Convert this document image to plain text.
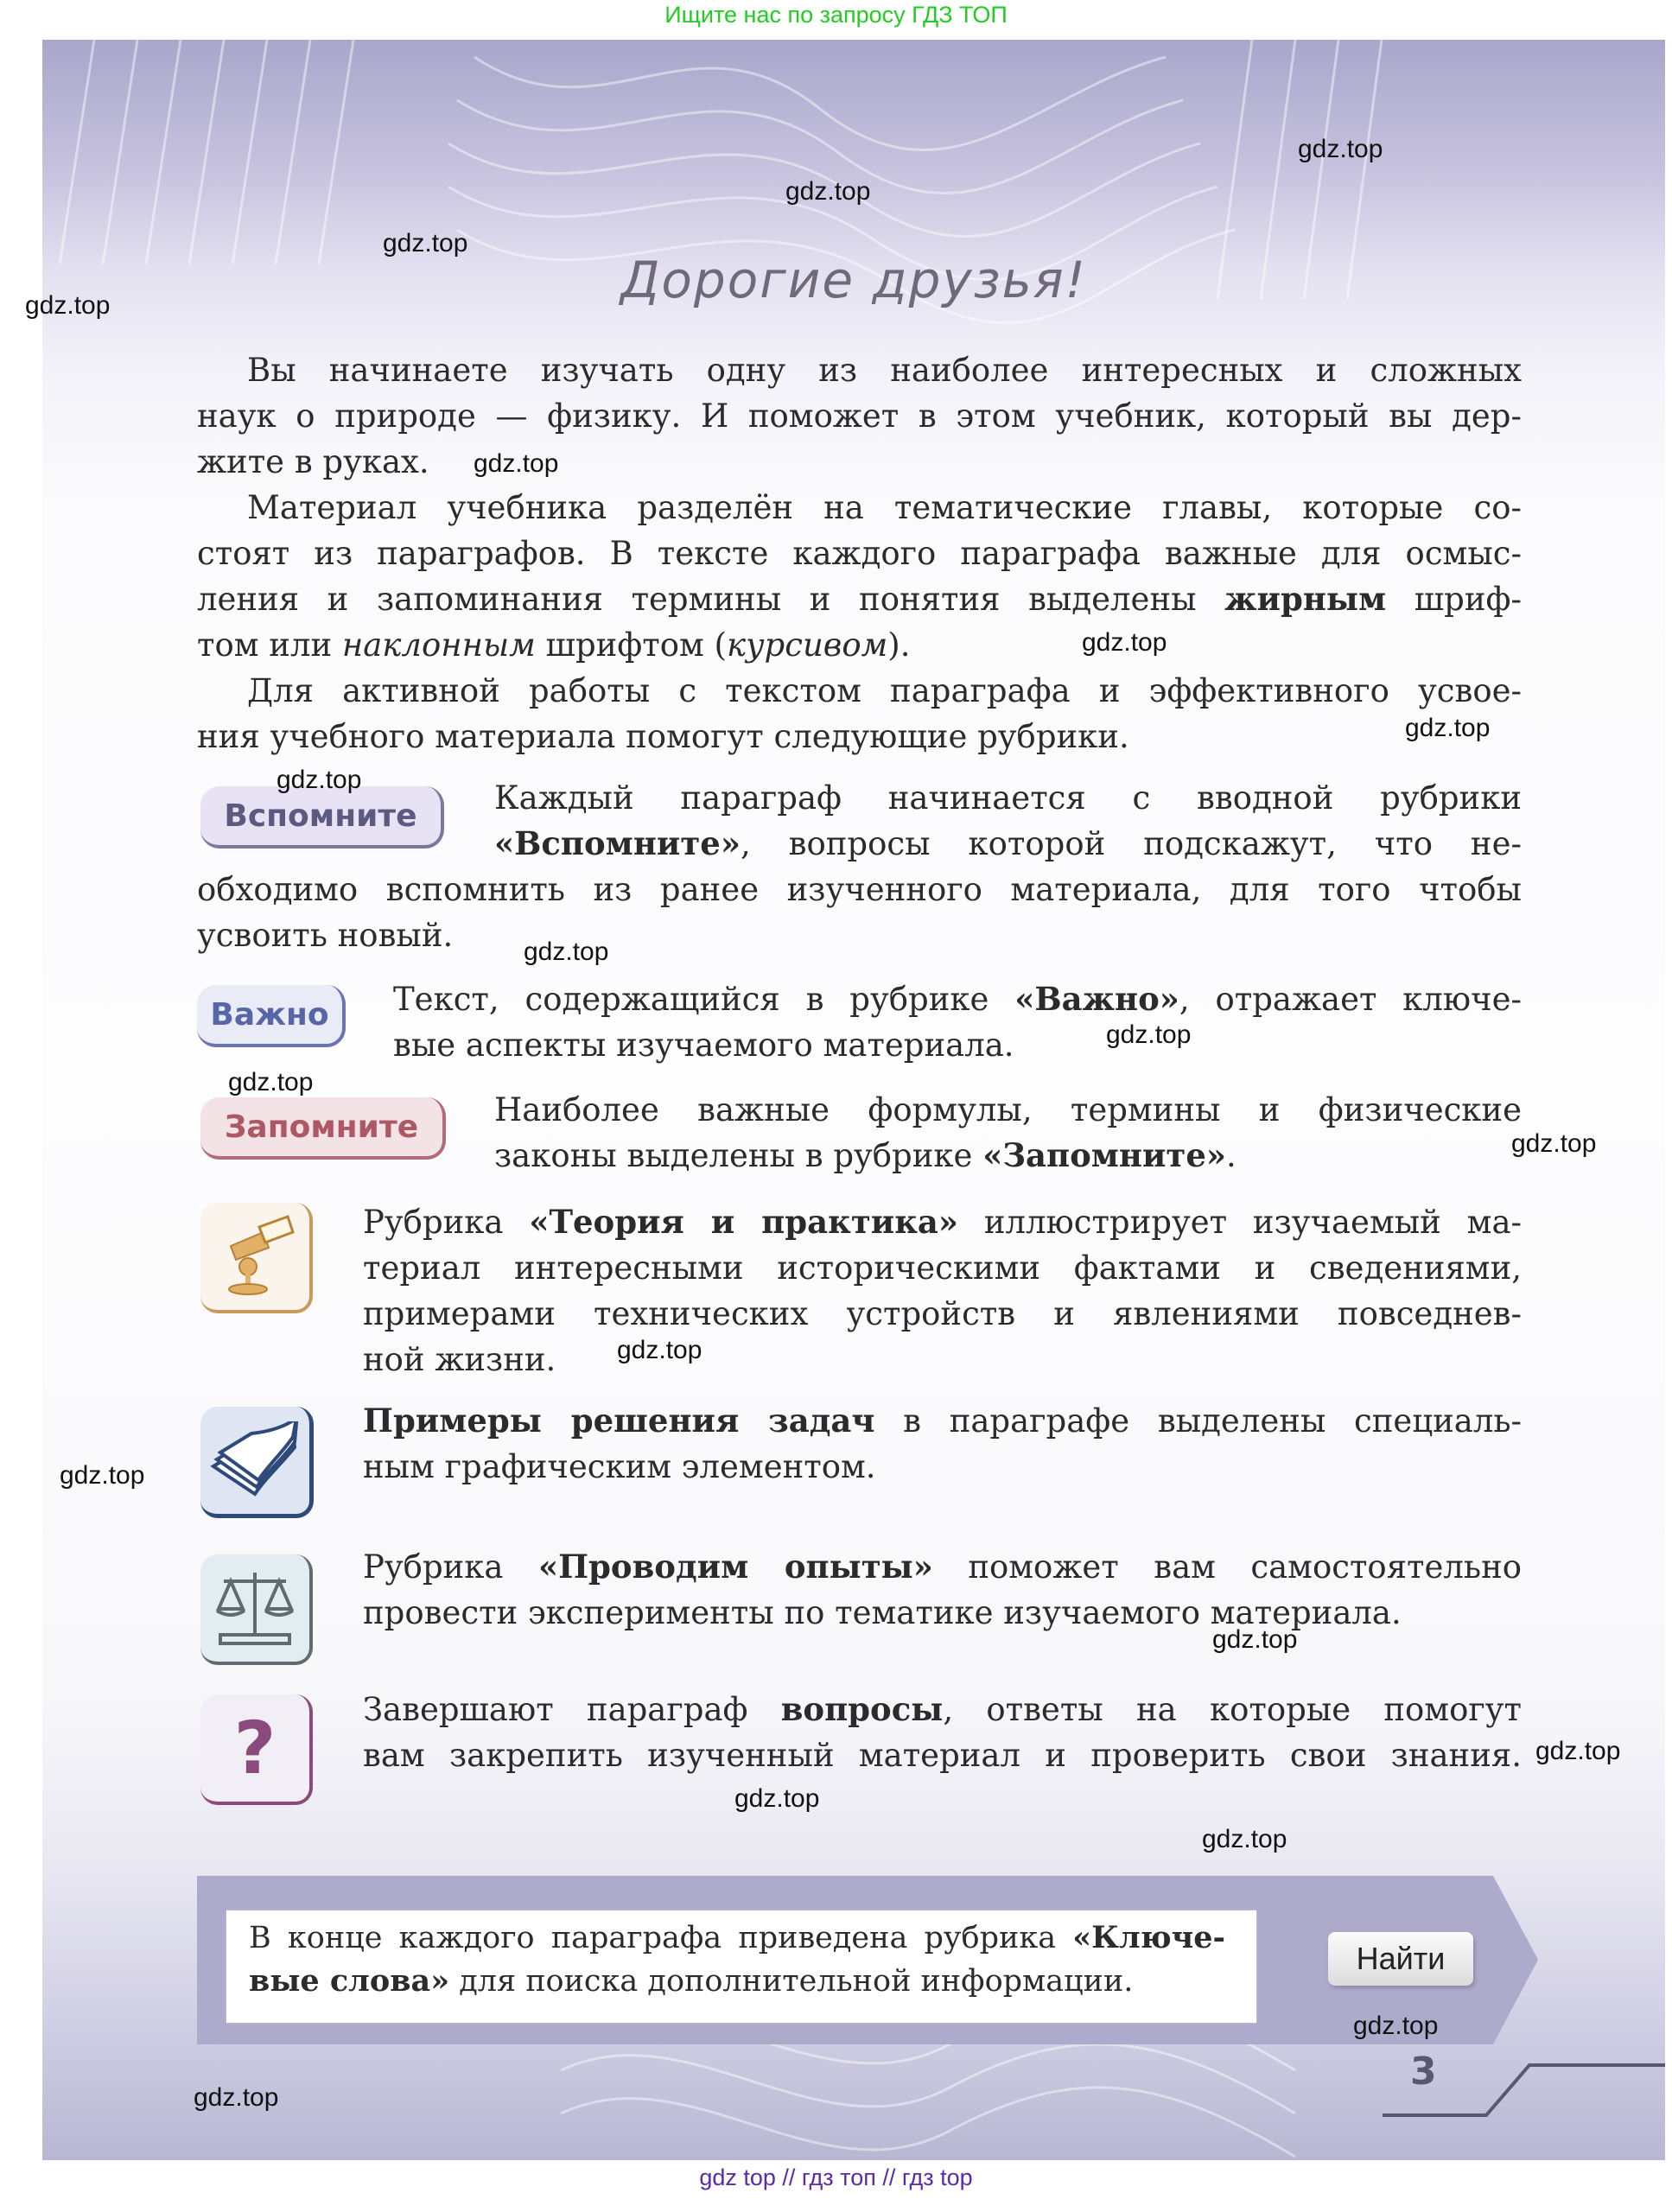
Ищите нас по запросу ГДЗ ТОП
Дорогие друзья!
Вы начинаете изучать одну из наиболее интересных и сложных
наук о природе — физику. И поможет в этом учебник, который вы дер-
жите в руках.
Материал учебника разделён на тематические главы, которые со-
стоят из параграфов. В тексте каждого параграфа важные для осмыс-
ления и запоминания термины и понятия выделены жирным шриф-
том или наклонным шрифтом (курсивом).
Для активной работы с текстом параграфа и эффективного усвое-
ния учебного материала помогут следующие рубрики.
Вспомните	Каждый параграф начинается с вводной рубрики
«Вспомните», вопросы которой подскажут, что не-
обходимо вспомнить из ранее изученного материала, для того чтобы
усвоить новый.
Важно	Текст, содержащийся в рубрике «Важно», отражает ключе-
вые аспекты изучаемого материала.
Запомните	Наиболее важные формулы, термины и физические
законы выделены в рубрике «Запомните».
Рубрика «Теория и практика» иллюстрирует изучаемый ма-
териал интересными историческими фактами и сведениями,
примерами технических устройств и явлениями повседнев-
ной жизни.
Примеры решения задач в параграфе выделены специаль-
ным графическим элементом.
Рубрика «Проводим опыты» поможет вам самостоятельно
провести эксперименты по тематике изучаемого материала.
?	Завершают параграф вопросы, ответы на которые помогут
вам закрепить изученный материал и проверить свои знания.
В конце каждого параграфа приведена рубрика «Ключе-
вые слова» для поиска дополнительной информации.
Найти
3
gdz.top
gdz.top
gdz.top
gdz.top
gdz.top
gdz.top
gdz.top
gdz.top
gdz.top
gdz.top
gdz.top
gdz.top
gdz.top
gdz.top
gdz.top
gdz.top
gdz.top
gdz.top
gdz.top
gdz.top
gdz top // гдз топ // гдз top
